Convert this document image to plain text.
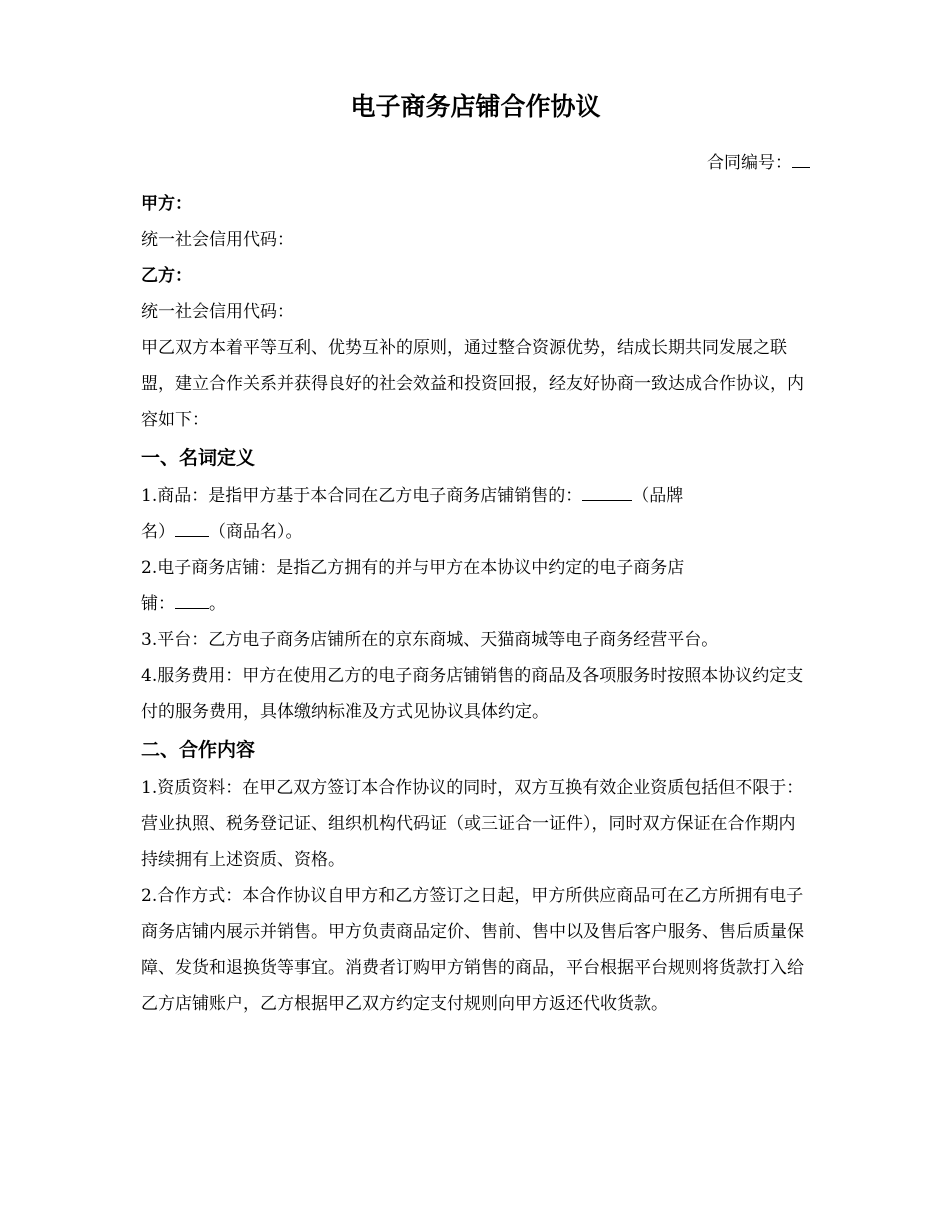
电子商务店铺合作协议
合同编号：

甲方：

统一社会信用代码：

乙方：

统一社会信用代码：

甲乙双方本着平等互利、优势互补的原则，通过整合资源优势，结成长期共同发展之联盟，建立合作关系并获得良好的社会效益和投资回报，经友好协商一致达成合作协议，内容如下：

一、名词定义

1.商品：是指甲方基于本合同在乙方电子商务店铺销售的：	（品牌

名） （商品名）。

2.电子商务店铺：是指乙方拥有的并与甲方在本协议中约定的电子商务店

铺： 。

3.平台：乙方电子商务店铺所在的京东商城、天猫商城等电子商务经营平台。

4.服务费用：甲方在使用乙方的电子商务店铺销售的商品及各项服务时按照本协议约定支付的服务费用，具体缴纳标准及方式见协议具体约定。

二、合作内容

1.资质资料：在甲乙双方签订本合作协议的同时，双方互换有效企业资质包括但不限于：营业执照、税务登记证、组织机构代码证（或三证合一证件），同时双方保证在合作期内持续拥有上述资质、资格。

2.合作方式：本合作协议自甲方和乙方签订之日起，甲方所供应商品可在乙方所拥有电子商务店铺内展示并销售。甲方负责商品定价、售前、售中以及售后客户服务、售后质量保障、发货和退换货等事宜。消费者订购甲方销售的商品，平台根据平台规则将货款打入给乙方店铺账户，乙方根据甲乙双方约定支付规则向甲方返还代收货款。
